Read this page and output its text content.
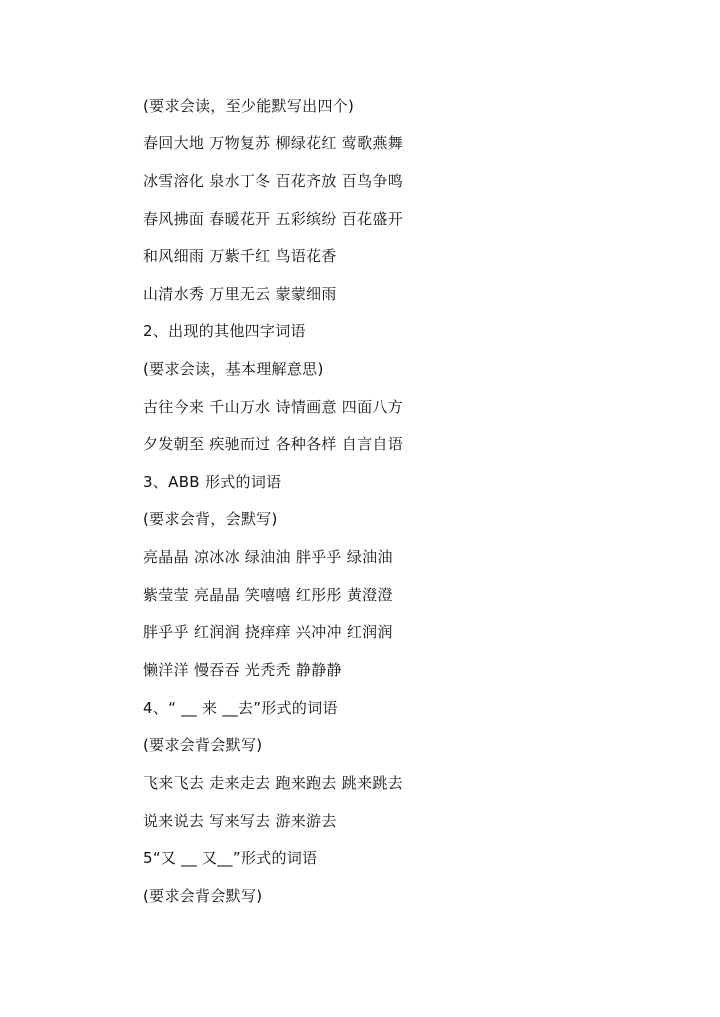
(要求会读，至少能默写出四个)
春回大地 万物复苏 柳绿花红 莺歌燕舞
冰雪溶化 泉水丁冬 百花齐放 百鸟争鸣
春风拂面 春暖花开 五彩缤纷 百花盛开
和风细雨 万紫千红 鸟语花香
山清水秀 万里无云 蒙蒙细雨
2、出现的其他四字词语
(要求会读，基本理解意思)
古往今来 千山万水 诗情画意 四面八方
夕发朝至 疾驰而过 各种各样 自言自语
3、ABB 形式的词语
(要求会背，会默写)
亮晶晶 凉冰冰 绿油油 胖乎乎 绿油油
紫莹莹 亮晶晶 笑嘻嘻 红彤彤 黄澄澄
胖乎乎 红润润 挠痒痒 兴冲冲 红润润
懒洋洋 慢吞吞 光秃秃 静静静
4、“ __ 来 __去”形式的词语
(要求会背会默写)
飞来飞去 走来走去 跑来跑去 跳来跳去
说来说去 写来写去 游来游去
5“又 __ 又__”形式的词语
(要求会背会默写)
